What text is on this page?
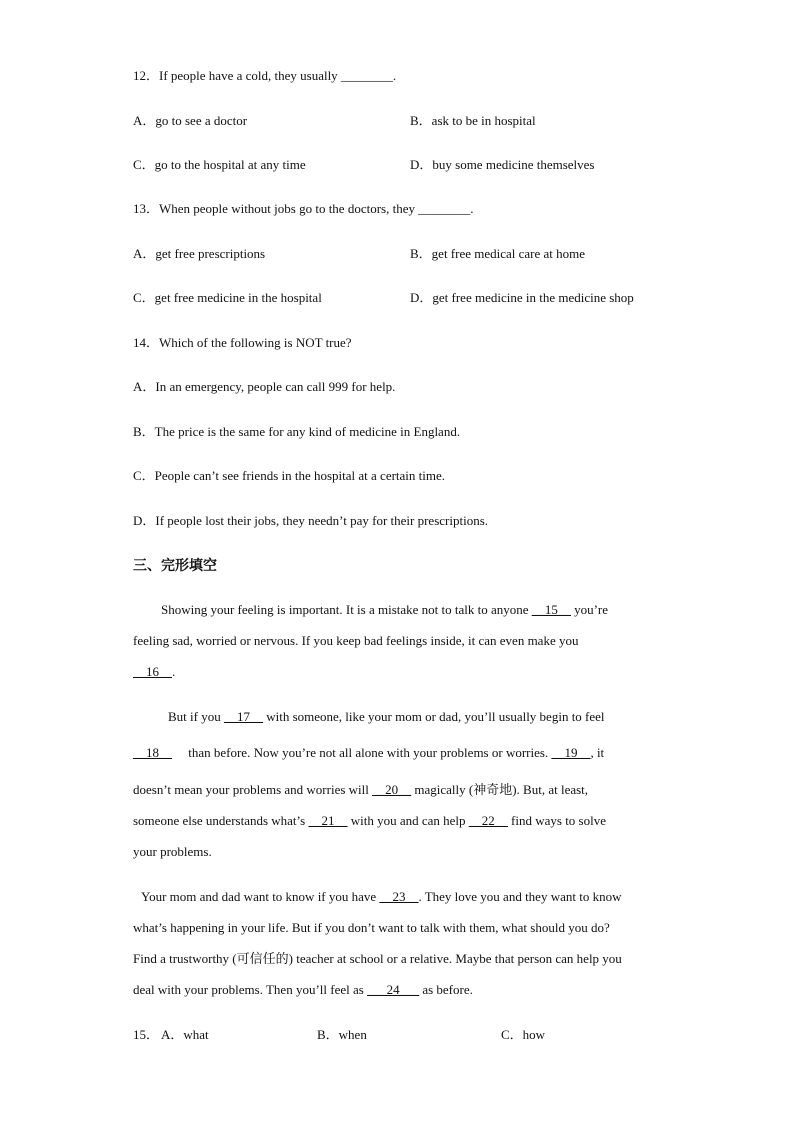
12．If people have a cold, they usually ________.
A．go to see a doctor	B．ask to be in hospital
C．go to the hospital at any time	D．buy some medicine themselves
13．When people without jobs go to the doctors, they ________.
A．get free prescriptions	B．get free medical care at home
C．get free medicine in the hospital	D．get free medicine in the medicine shop
14．Which of the following is NOT true?
A．In an emergency, people can call 999 for help.
B．The price is the same for any kind of medicine in England.
C．People can’t see friends in the hospital at a certain time.
D．If people lost their jobs, they needn’t pay for their prescriptions.
三、完形填空
Showing your feeling is important. It is a mistake not to talk to anyone __15__ you’re
feeling sad, worried or nervous. If you keep bad feelings inside, it can even make you
__16__.
But if you __17__ with someone, like your mom or dad, you’ll usually begin to feel
__18__     than before. Now you’re not all alone with your problems or worries. __19__, it
doesn’t mean your problems and worries will __20__ magically (神奇地). But, at least,
someone else understands what’s __21__ with you and can help __22__ find ways to solve
your problems.
Your mom and dad want to know if you have __23__. They love you and they want to know
what’s happening in your life. But if you don’t want to talk with them, what should you do?
Find a trustworthy (可信任的) teacher at school or a relative. Maybe that person can help you
deal with your problems. Then you’ll feel as ___24___ as before.
15． A．what	B．when	C．how
